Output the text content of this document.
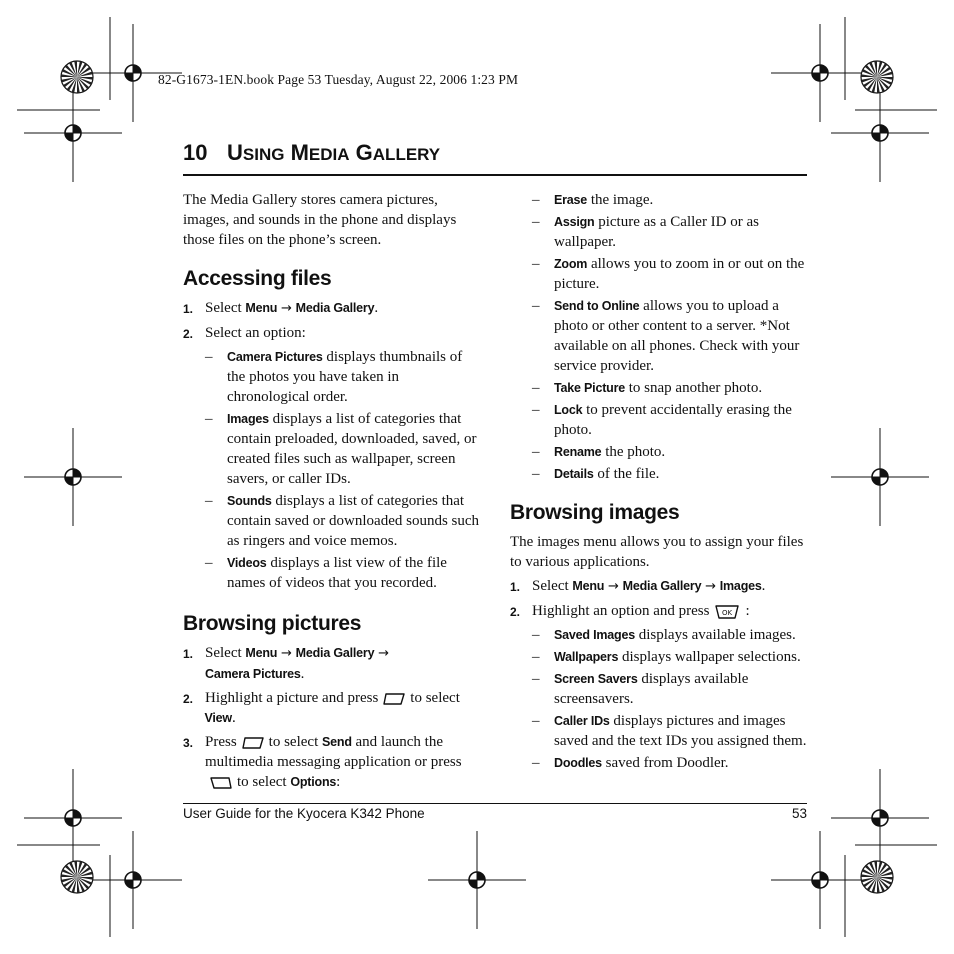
82-G1673-1EN.book Page 53 Tuesday, August 22, 2006 1:23 PM
10 USING MEDIA GALLERY

The Media Gallery stores camera pictures, images, and sounds in the phone and displays those files on the phone’s screen.

Accessing files
1. Select Menu → Media Gallery.
2. Select an option:
– Camera Pictures displays thumbnails of the photos you have taken in chronological order.
– Images displays a list of categories that contain preloaded, downloaded, saved, or created files such as wallpaper, screen savers, or caller IDs.
– Sounds displays a list of categories that contain saved or downloaded sounds such as ringers and voice memos.
– Videos displays a list view of the file names of videos that you recorded.
Browsing pictures
1. Select Menu → Media Gallery →
Camera Pictures.
2. Highlight a picture and press to select
View.
3. Press to select Send and launch the multimedia messaging application or pressto select Options:
– Erase the image.
– Assign picture as a Caller ID or as wallpaper.
– Zoom allows you to zoom in or out on the picture.
– Send to Online allows you to upload a photo or other content to a server. *Not available on all phones. Check with your service provider.
– Take Picture to snap another photo.
– Lock to prevent accidentally erasing the photo.
– Rename the photo.
– Details of the file.
Browsing images

The images menu allows you to assign your files to various applications.

1. Select Menu → Media Gallery → Images.
2. Highlight an option and press OK :
– Saved Images displays available images.
– Wallpapers displays wallpaper selections.
– Screen Savers displays available screensavers.
– Caller IDs displays pictures and images saved and the text IDs you assigned them.
– Doodles saved from Doodler.
User Guide for the Kyocera K342 Phone	53
